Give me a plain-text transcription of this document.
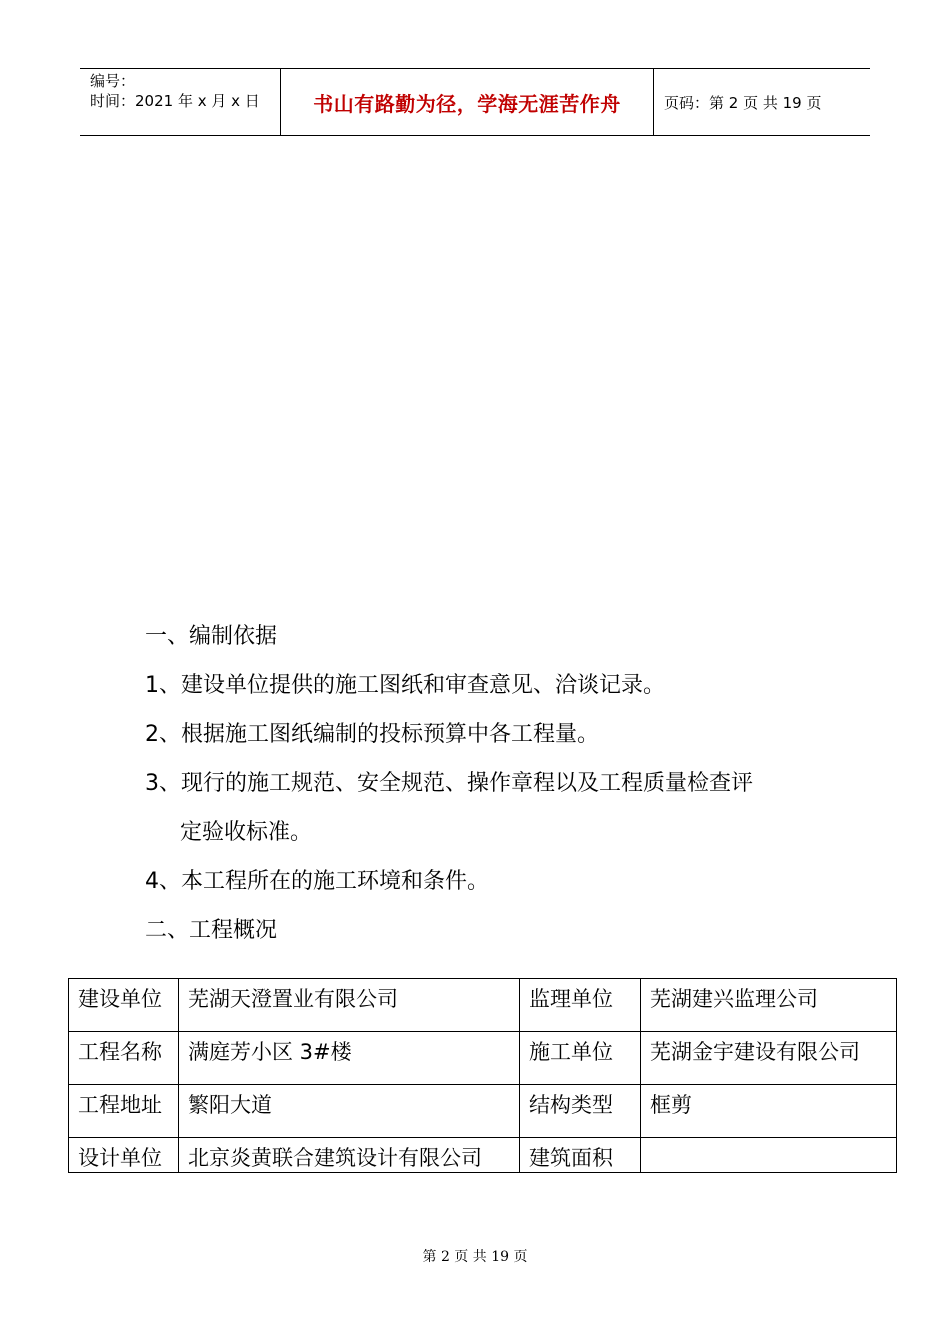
编号：
时间：2021 年 x 月 x 日	书山有路勤为径，学海无涯苦作舟	页码：第 2 页 共 19 页
一、编制依据
1、建设单位提供的施工图纸和审查意见、洽谈记录。
2、根据施工图纸编制的投标预算中各工程量。
3、现行的施工规范、安全规范、操作章程以及工程质量检查评
定验收标准。
4、本工程所在的施工环境和条件。
二、工程概况
建设单位	芜湖天澄置业有限公司	监理单位	芜湖建兴监理公司
工程名称	满庭芳小区 3#楼	施工单位	芜湖金宇建设有限公司
工程地址	繁阳大道	结构类型	框剪
设计单位	北京炎黄联合建筑设计有限公司	建筑面积	
第 2 页 共 19 页
